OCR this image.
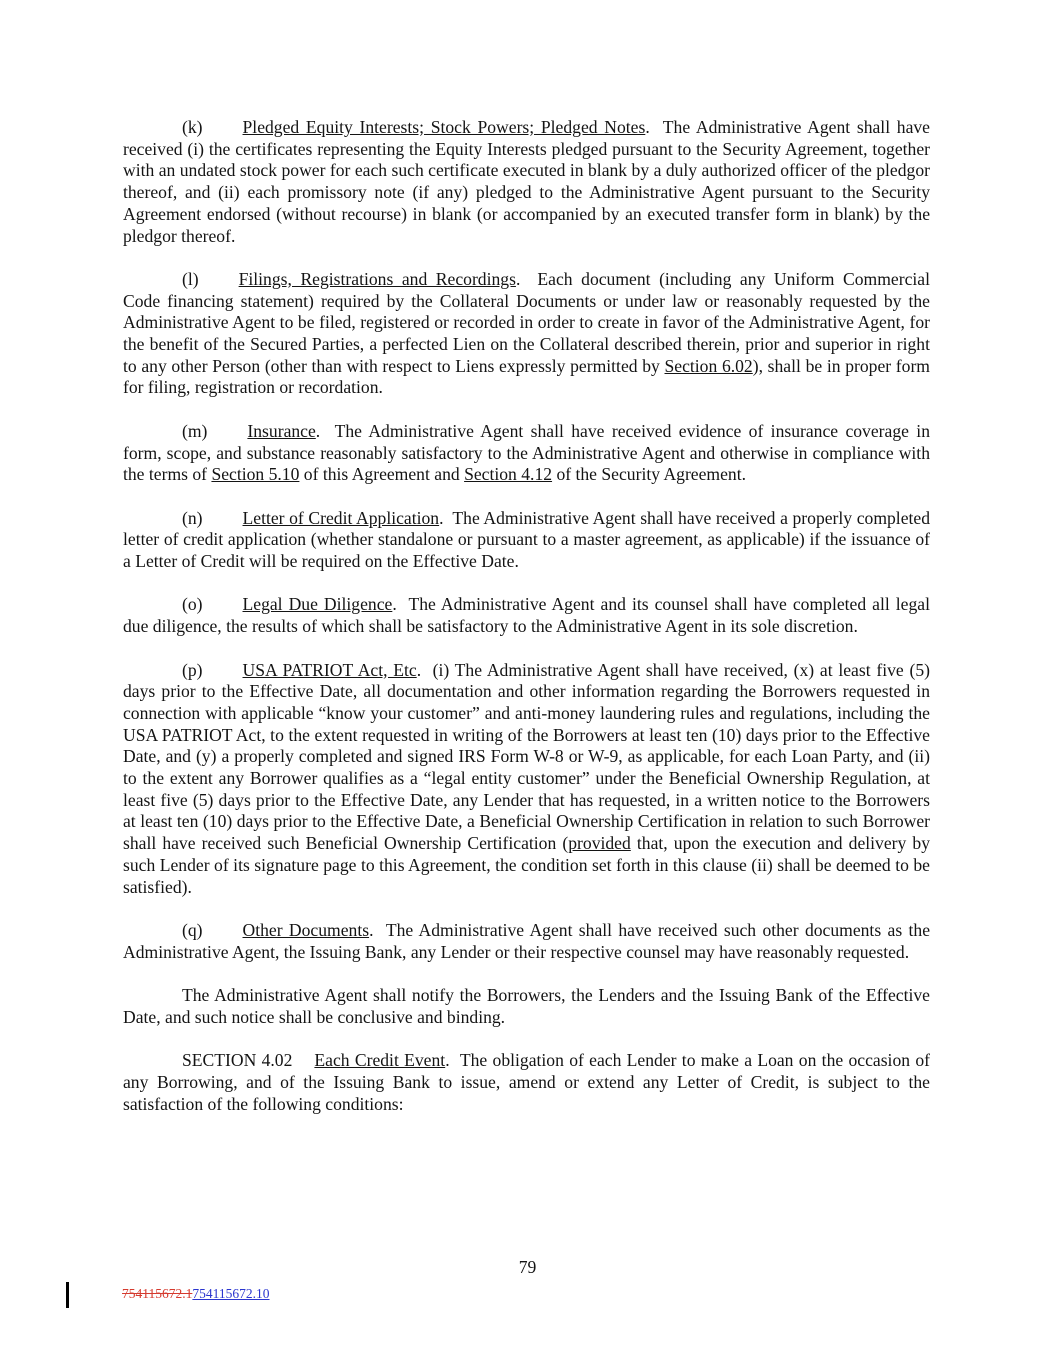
(k) Pledged Equity Interests; Stock Powers; Pledged Notes.  The Administrative Agent shall have received (i) the certificates representing the Equity Interests pledged pursuant to the Security Agreement, together with an undated stock power for each such certificate executed in blank by a duly authorized officer of the pledgor thereof, and (ii) each promissory note (if any) pledged to the Administrative Agent pursuant to the Security Agreement endorsed (without recourse) in blank (or accompanied by an executed transfer form in blank) by the pledgor thereof.

(l) Filings, Registrations and Recordings.  Each document (including any Uniform Commercial Code financing statement) required by the Collateral Documents or under law or reasonably requested by the Administrative Agent to be filed, registered or recorded in order to create in favor of the Administrative Agent, for the benefit of the Secured Parties, a perfected Lien on the Collateral described therein, prior and superior in right to any other Person (other than with respect to Liens expressly permitted by Section 6.02), shall be in proper form for filing, registration or recordation.

(m) Insurance.  The Administrative Agent shall have received evidence of insurance coverage in form, scope, and substance reasonably satisfactory to the Administrative Agent and otherwise in compliance with the terms of Section 5.10 of this Agreement and Section 4.12 of the Security Agreement.

(n) Letter of Credit Application.  The Administrative Agent shall have received a properly completed letter of credit application (whether standalone or pursuant to a master agreement, as applicable) if the issuance of a Letter of Credit will be required on the Effective Date.

(o) Legal Due Diligence.  The Administrative Agent and its counsel shall have completed all legal due diligence, the results of which shall be satisfactory to the Administrative Agent in its sole discretion.

(p) USA PATRIOT Act, Etc.  (i) The Administrative Agent shall have received, (x) at least five (5) days prior to the Effective Date, all documentation and other information regarding the Borrowers requested in connection with applicable “know your customer” and anti-money laundering rules and regulations, including the USA PATRIOT Act, to the extent requested in writing of the Borrowers at least ten (10) days prior to the Effective Date, and (y) a properly completed and signed IRS Form W-8 or W-9, as applicable, for each Loan Party, and (ii) to the extent any Borrower qualifies as a “legal entity customer” under the Beneficial Ownership Regulation, at least five (5) days prior to the Effective Date, any Lender that has requested, in a written notice to the Borrowers at least ten (10) days prior to the Effective Date, a Beneficial Ownership Certification in relation to such Borrower shall have received such Beneficial Ownership Certification (provided that, upon the execution and delivery by such Lender of its signature page to this Agreement, the condition set forth in this clause (ii) shall be deemed to be satisfied).

(q) Other Documents.  The Administrative Agent shall have received such other documents as the Administrative Agent, the Issuing Bank, any Lender or their respective counsel may have reasonably requested.

The Administrative Agent shall notify the Borrowers, the Lenders and the Issuing Bank of the Effective Date, and such notice shall be conclusive and binding.

SECTION 4.02 Each Credit Event.  The obligation of each Lender to make a Loan on the occasion of any Borrowing, and of the Issuing Bank to issue, amend or extend any Letter of Credit, is subject to the satisfaction of the following conditions:

79
754115672.1754115672.10
